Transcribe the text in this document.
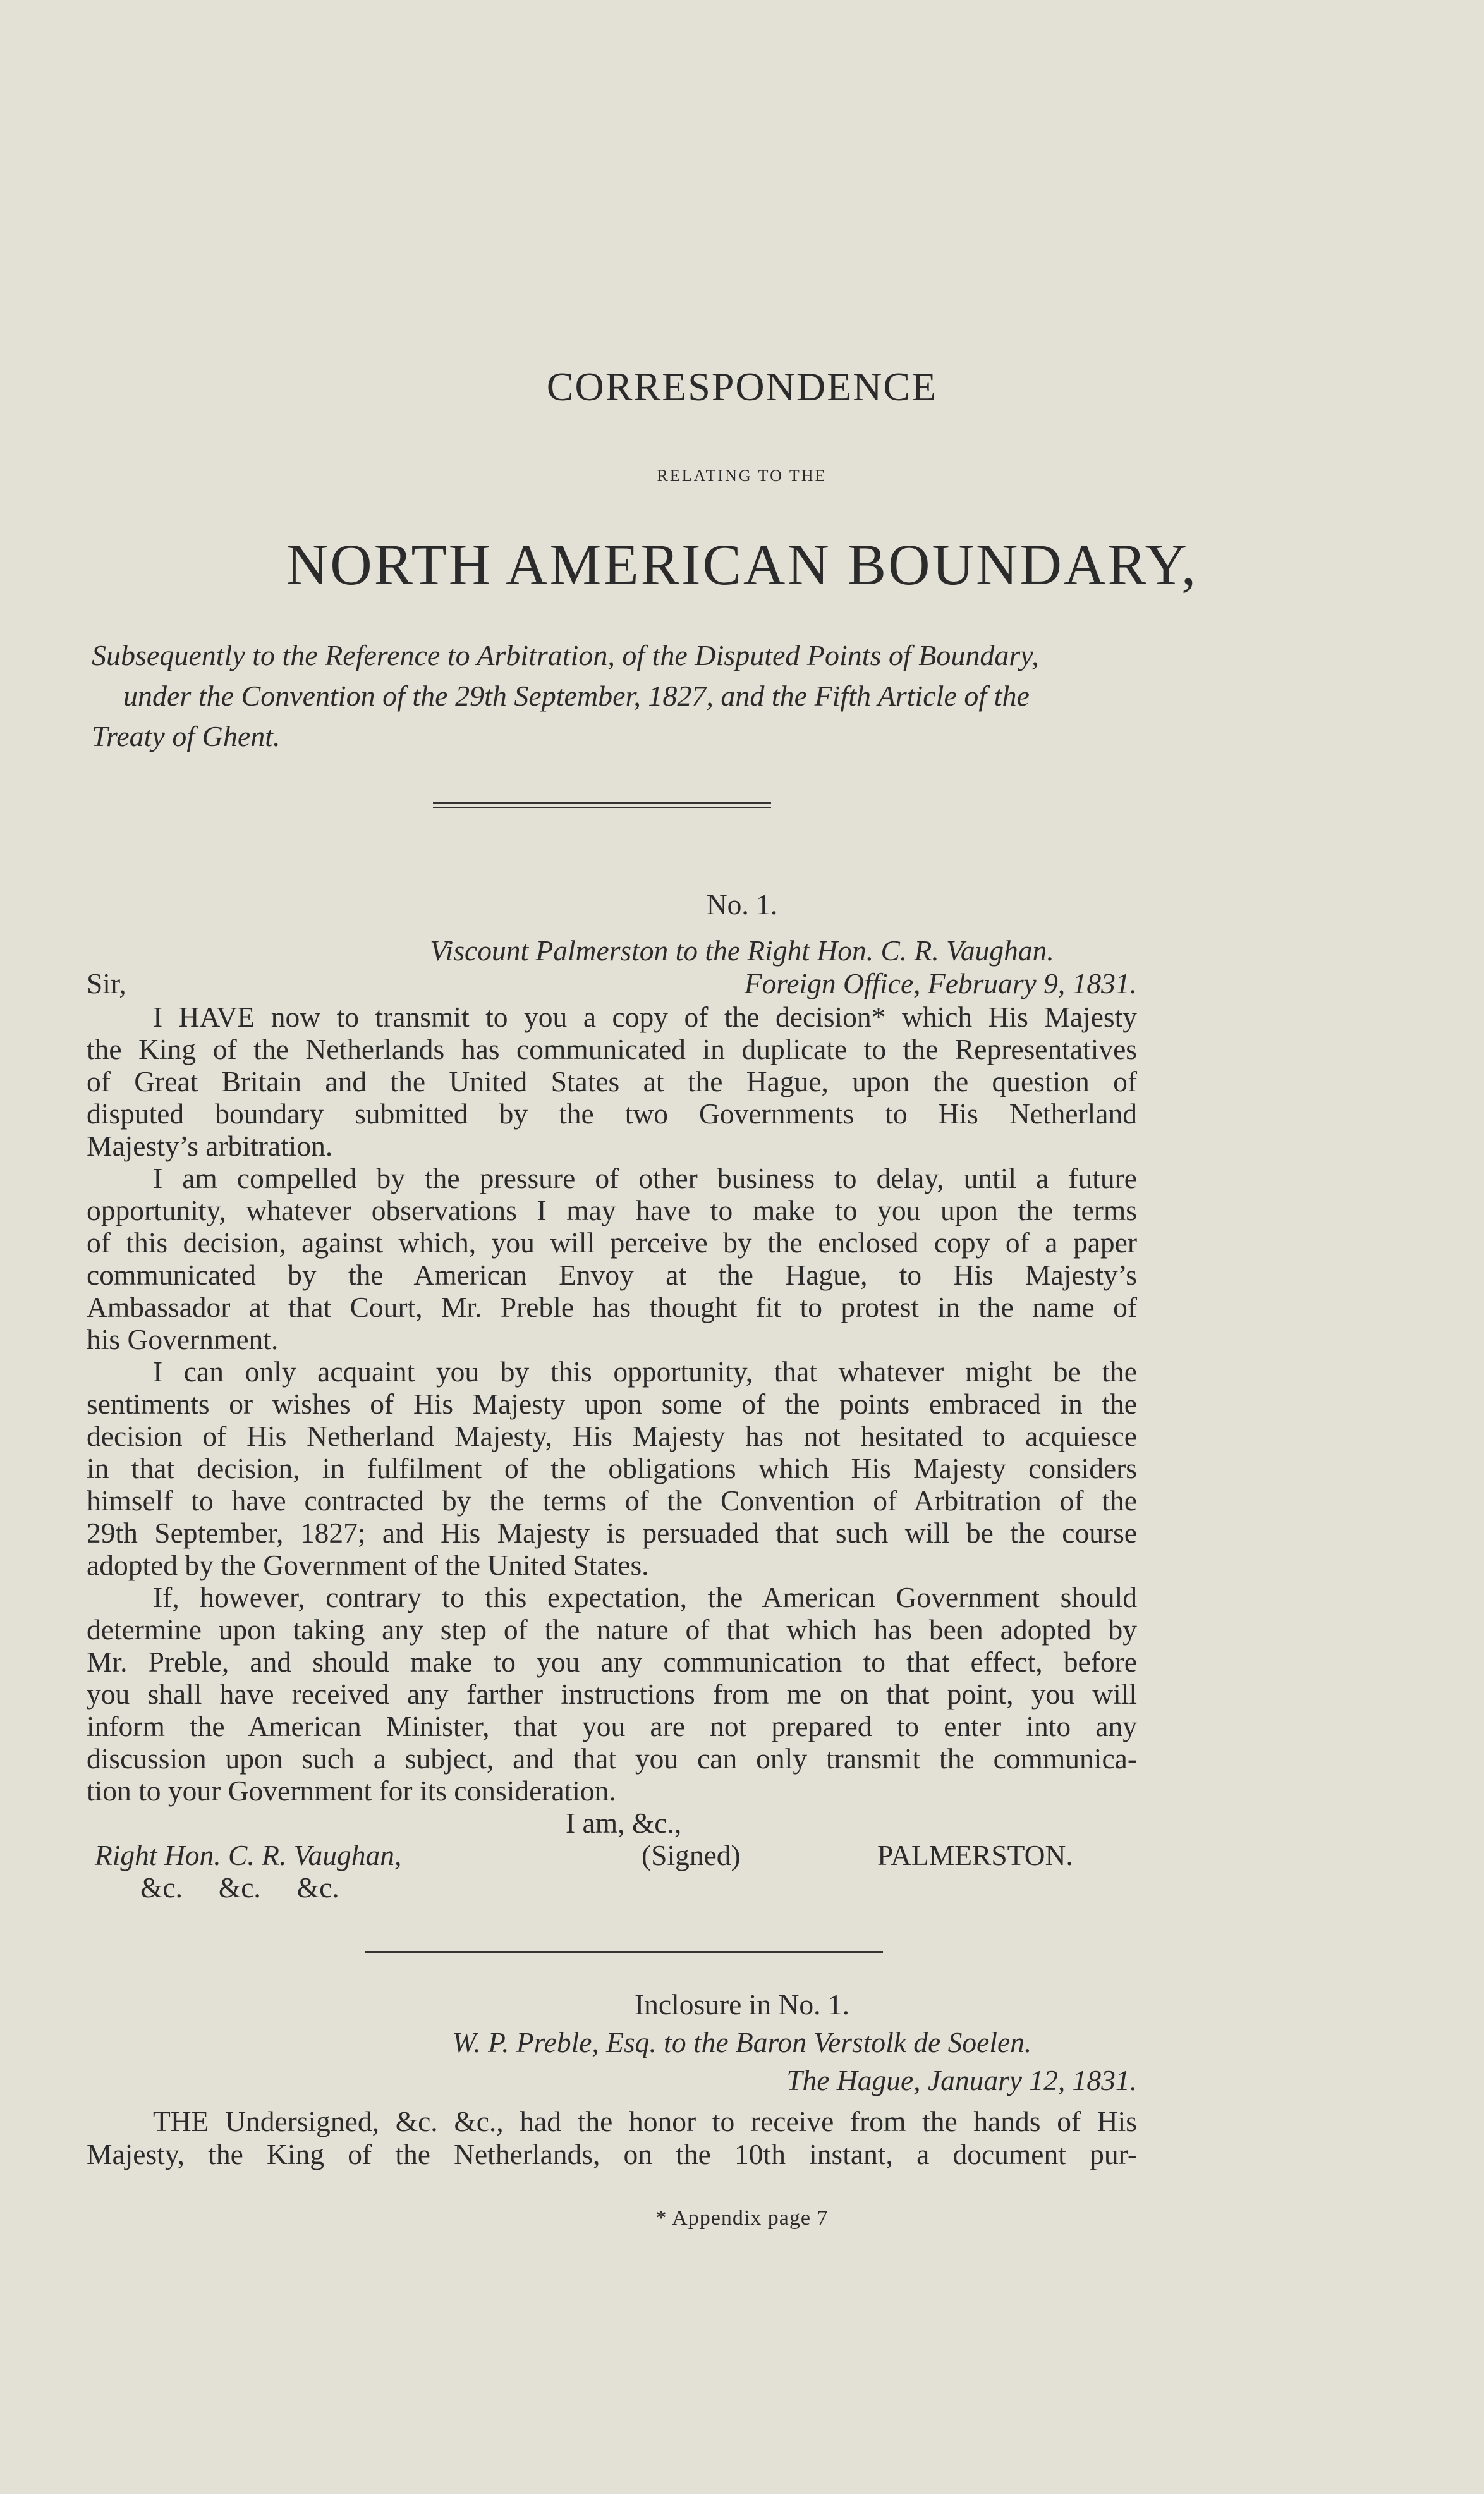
CORRESPONDENCE
RELATING TO THE
NORTH AMERICAN BOUNDARY,
Subsequently to the Reference to Arbitration, of the Disputed Points of Boundary,
under the Convention of the 29th September, 1827, and the Fifth Article of the
Treaty of Ghent.
No. 1.
Viscount Palmerston to the Right Hon. C. R. Vaughan.
Sir,	Foreign Office, February 9, 1831.
I HAVE now to transmit to you a copy of the decision* which His Majesty
the King of the Netherlands has communicated in duplicate to the Representatives
of Great Britain and the United States at the Hague, upon the question of
disputed boundary submitted by the two Governments to His Netherland
Majesty’s arbitration.
I am compelled by the pressure of other business to delay, until a future
opportunity, whatever observations I may have to make to you upon the terms
of this decision, against which, you will perceive by the enclosed copy of a paper
communicated by the American Envoy at the Hague, to His Majesty’s
Ambassador at that Court, Mr. Preble has thought fit to protest in the name of
his Government.
I can only acquaint you by this opportunity, that whatever might be the
sentiments or wishes of His Majesty upon some of the points embraced in the
decision of His Netherland Majesty, His Majesty has not hesitated to acquiesce
in that decision, in fulfilment of the obligations which His Majesty considers
himself to have contracted by the terms of the Convention of Arbitration of the
29th September, 1827; and His Majesty is persuaded that such will be the course
adopted by the Government of the United States.
If, however, contrary to this expectation, the American Government should
determine upon taking any step of the nature of that which has been adopted by
Mr. Preble, and should make to you any communication to that effect, before
you shall have received any farther instructions from me on that point, you will
inform the American Minister, that you are not prepared to enter into any
discussion upon such a subject, and that you can only transmit the communica-
tion to your Government for its consideration.
I am, &c.,
Right Hon. C. R. Vaughan,	(Signed)	PALMERSTON.
&c.     &c.     &c.
Inclosure in No. 1.
W. P. Preble, Esq. to the Baron Verstolk de Soelen.
The Hague, January 12, 1831.
THE Undersigned, &c. &c., had the honor to receive from the hands of His
Majesty, the King of the Netherlands, on the 10th instant, a document pur-
* Appendix page 7
